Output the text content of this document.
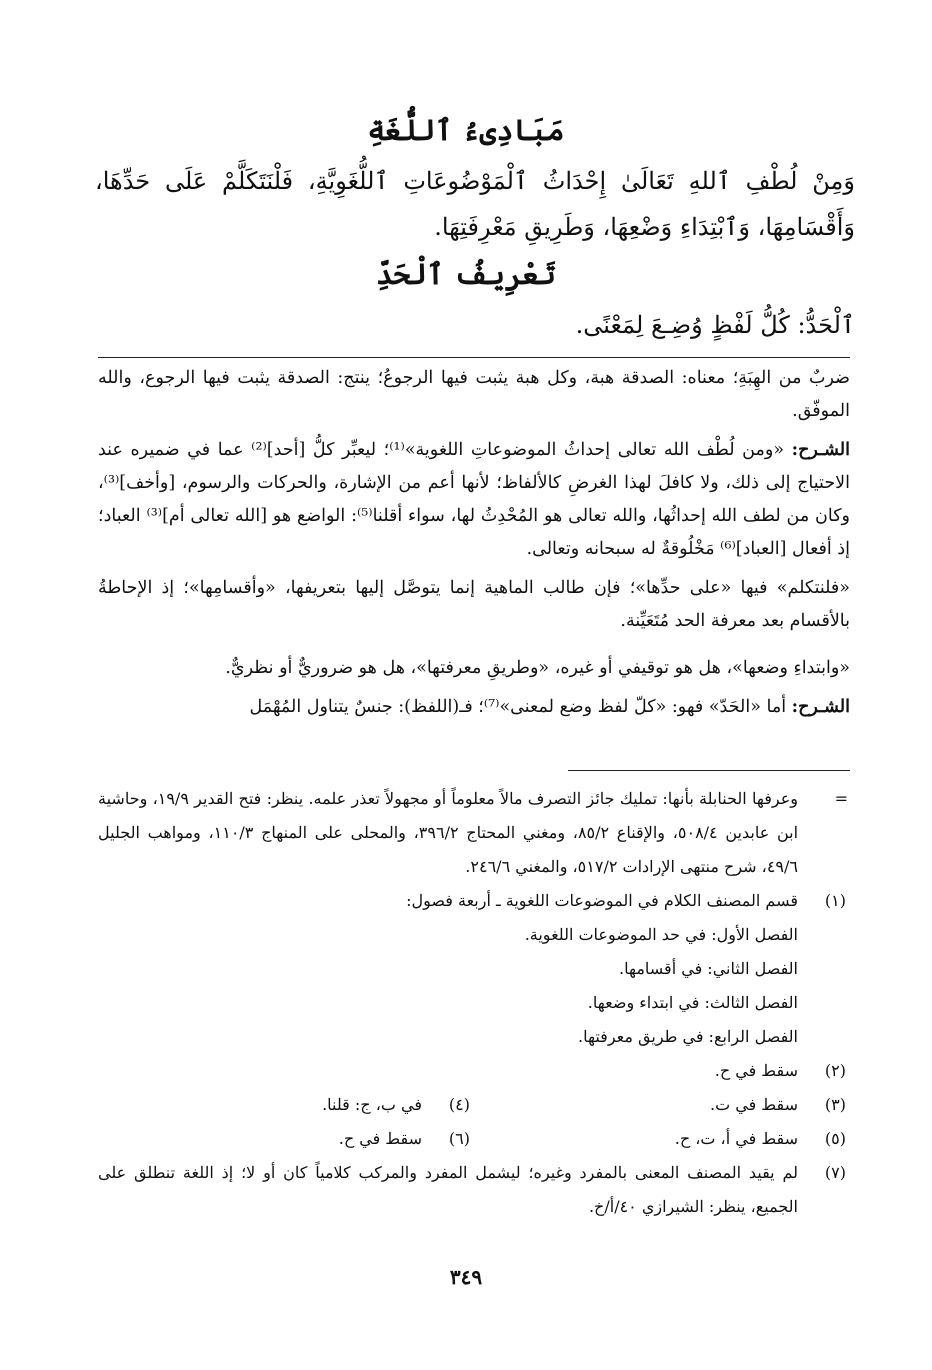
مَبَادِىءُ ٱللُّغَةِ
وَمِنْ لُطْفِ ٱللهِ تَعَالَىٰ إِحْدَاثُ ٱلْمَوْضُوعَاتِ ٱللُّغَوِيَّةِ، فَلْنَتَكَلَّمْ عَلَى حَدِّهَا، وَأَقْسَامِهَا، وَٱبْتِدَاءِ وَضْعِهَا، وَطَرِيقِ مَعْرِفَتِهَا.
تَعْرِيفُ ٱلْحَدِّ
ٱلْحَدُّ: كُلُّ لَفْظٍ وُضِـعَ لِمَعْنًى.

ضربٌ من الهِبَةِ؛ معناه: الصدقة هبة، وكل هبة يثبت فيها الرجوعُ؛ ينتج: الصدقة يثبت فيها الرجوع، والله الموفّق.

الشـرح: «ومن لُطْف الله تعالى إحداثُ الموضوعاتِ اللغوية»⁽¹⁾؛ ليعبِّر كلُّ [أحد]⁽²⁾ عما في ضميره عند الاحتياج إلى ذلك، ولا كافلَ لهذا الغرضِ كالألفاظ؛ لأنها أعم من الإشارة، والحركات والرسوم، [وأخف]⁽³⁾، وكان من لطف الله إحداثُها، والله تعالى هو المُحْدِثُ لها، سواء أقلنا⁽⁵⁾: الواضع هو [الله تعالى أم]⁽³⁾ العباد؛ إذ أفعال [العباد]⁽⁶⁾ مَخْلُوقةٌ له سبحانه وتعالى.

«فلنتكلم» فيها «على حدِّها»؛ فإن طالب الماهية إنما يتوصَّل إليها بتعريفها، «وأقسامِها»؛ إذ الإحاطةُ بالأقسام بعد معرفة الحد مُتَعَيِّنة.

«وابتداءِ وضعها»، هل هو توقيفي أو غيره، «وطريقِ معرفتها»، هل هو ضروريٌّ أو نظريٌّ.

الشـرح: أما «الحَدّ» فهو: «كلّ لفظ وضع لمعنى»⁽⁷⁾؛ فـ(اللفظ): جنسٌ يتناول المُهْمَل

=
وعرفها الحنابلة بأنها: تمليك جائز التصرف مالاً معلوماً أو مجهولاً تعذر علمه. ينظر: فتح القدير ١٩/٩، وحاشية ابن عابدين ٥٠٨/٤، والإقناع ٨٥/٢، ومغني المحتاج ٣٩٦/٢، والمحلى على المنهاج ١١٠/٣، ومواهب الجليل ٤٩/٦، شرح منتهى الإرادات ٥١٧/٢، والمغني ٢٤٦/٦.
(١)
قسم المصنف الكلام في الموضوعات اللغوية ـ أربعة فصول:
الفصل الأول: في حد الموضوعات اللغوية.
الفصل الثاني: في أقسامها.
الفصل الثالث: في ابتداء وضعها.
الفصل الرابع: في طريق معرفتها.
(٢)
سقط في ح.
(٣)
سقط في ت.
(٤)
في ب، ج: قلنا.
(٥)
سقط في أ، ت، ح.
(٦)
سقط في ح.
(٧)
لم يقيد المصنف المعنى بالمفرد وغيره؛ ليشمل المفرد والمركب كلامياً كان أو لا؛ إذ اللغة تنطلق على الجميع، ينظر: الشيرازي ٤٠/أ/خ.
٣٤٩
